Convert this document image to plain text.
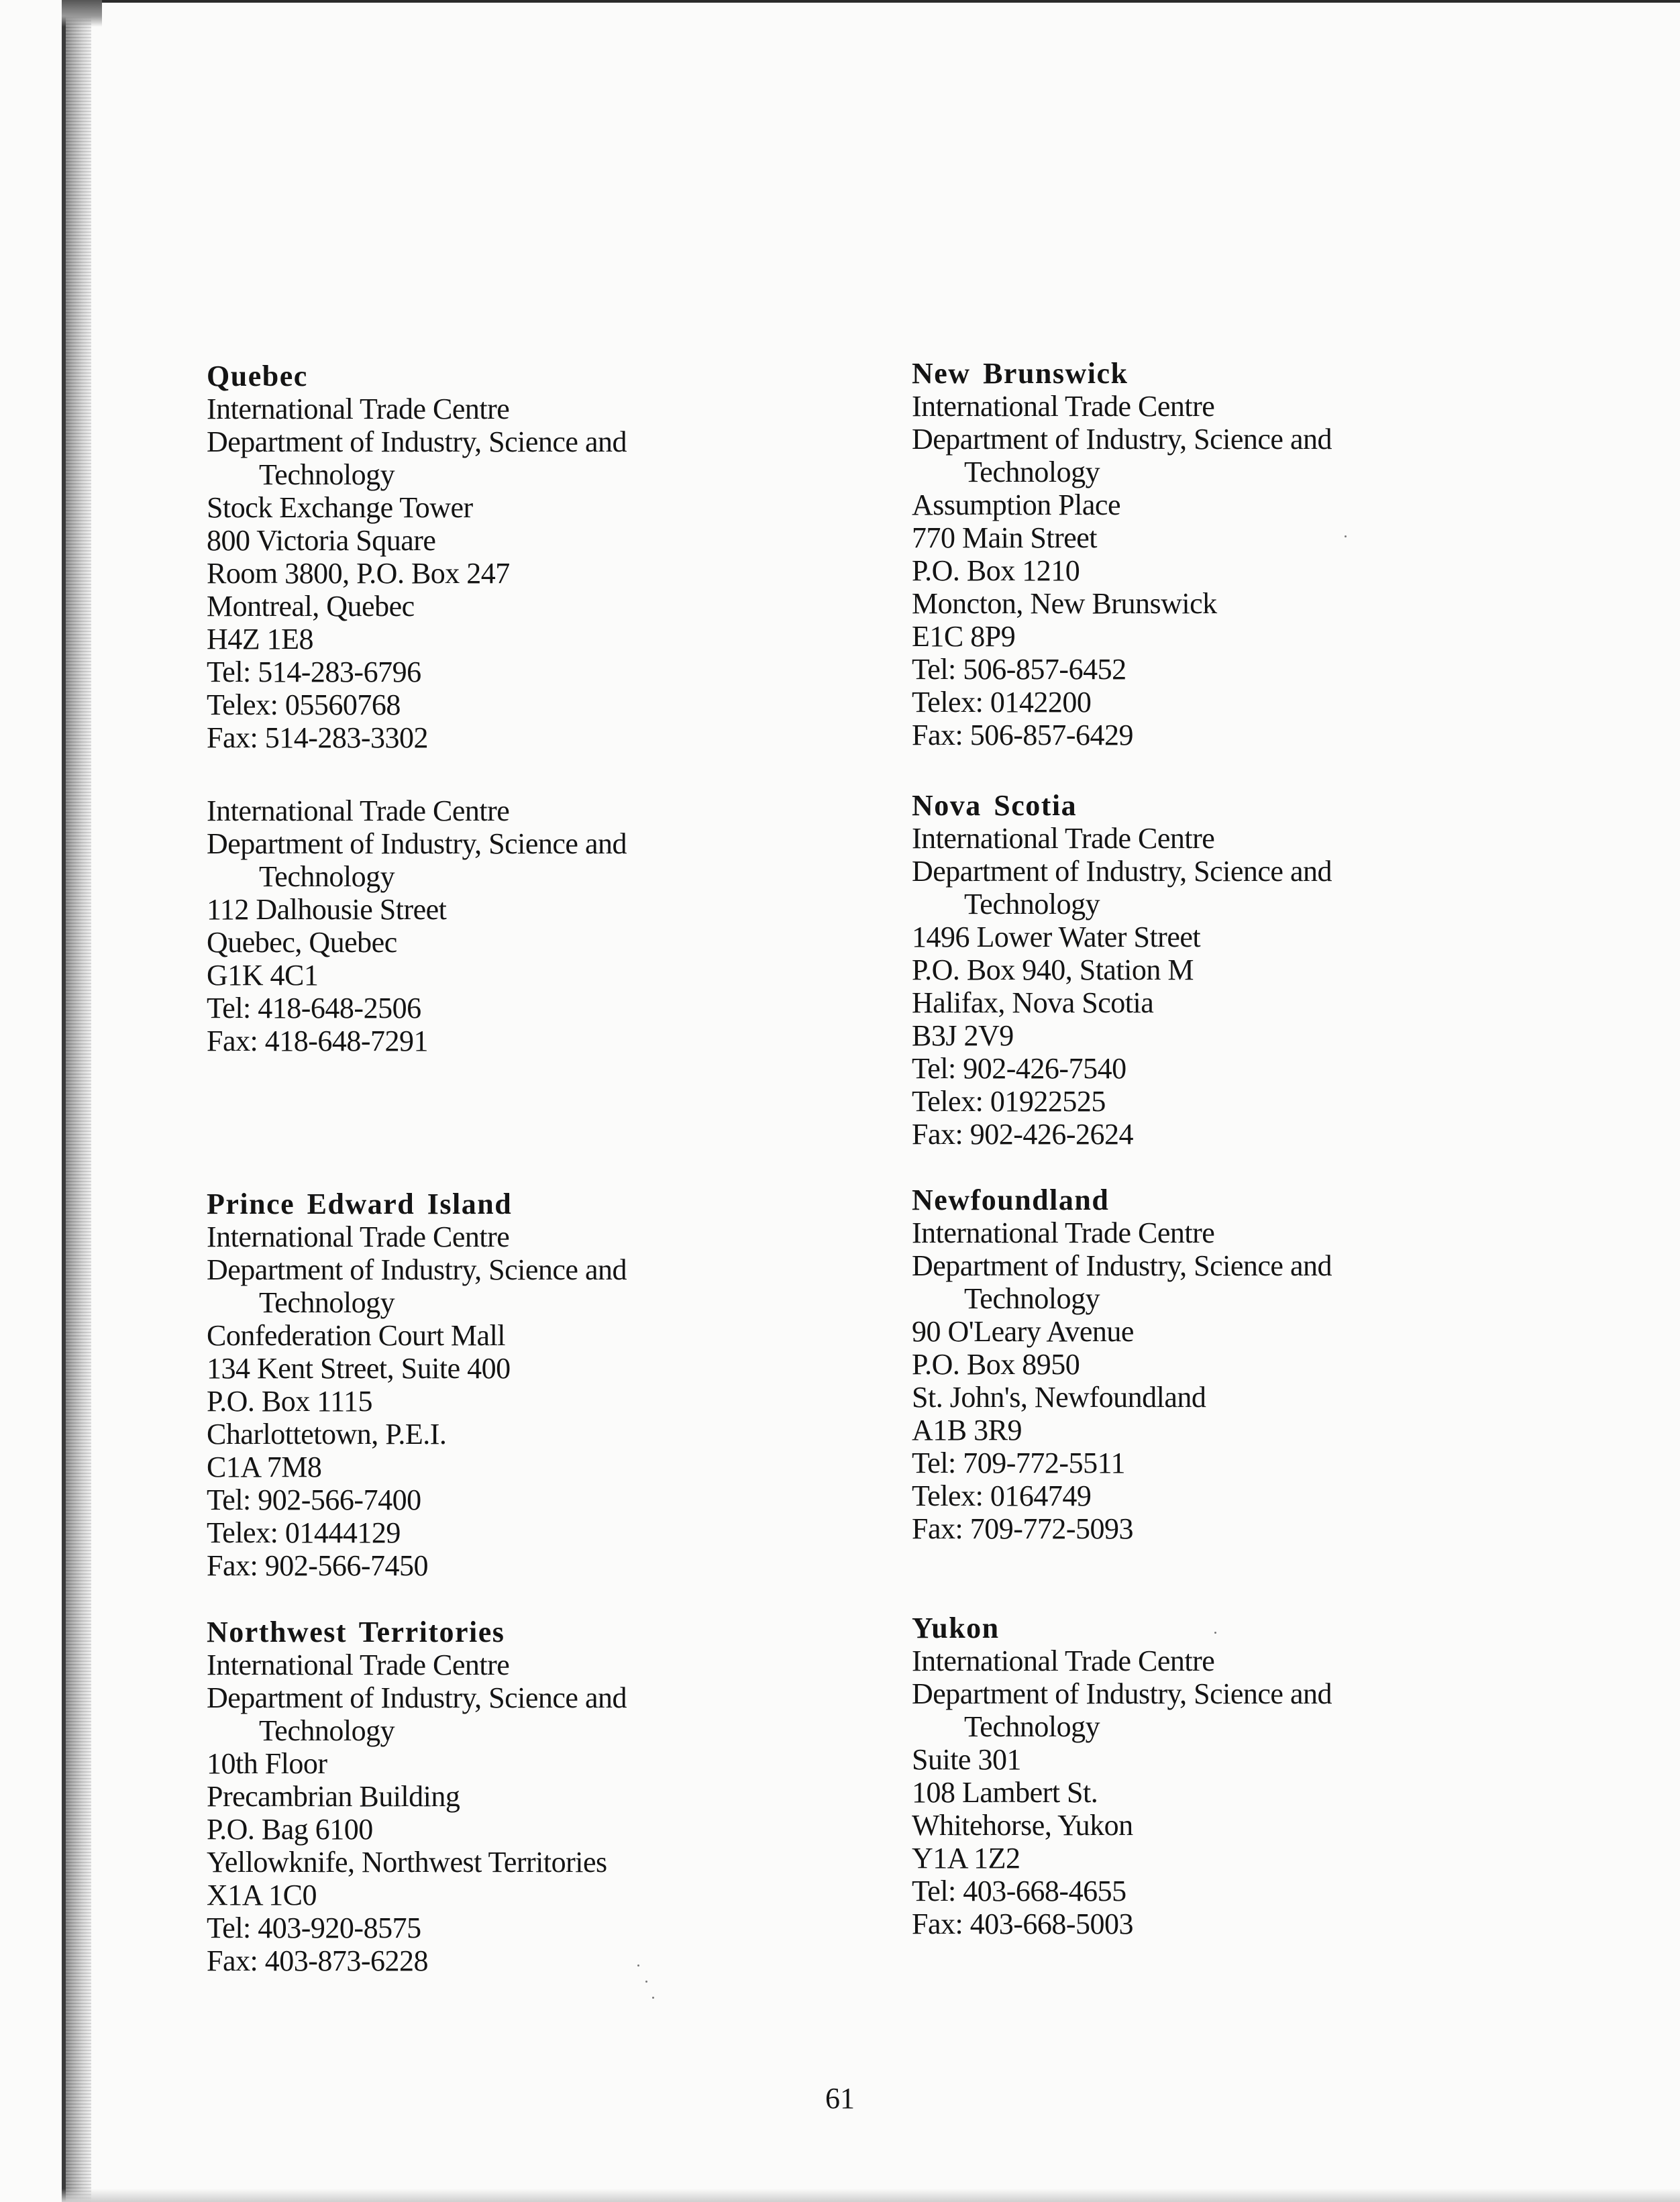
Quebec
International Trade Centre
Department of Industry, Science and
Technology
Stock Exchange Tower
800 Victoria Square
Room 3800, P.O. Box 247
Montreal, Quebec
H4Z 1E8
Tel: 514-283-6796
Telex: 05560768
Fax: 514-283-3302
International Trade Centre
Department of Industry, Science and
Technology
112 Dalhousie Street
Quebec, Quebec
G1K 4C1
Tel: 418-648-2506
Fax: 418-648-7291
Prince Edward Island
International Trade Centre
Department of Industry, Science and
Technology
Confederation Court Mall
134 Kent Street, Suite 400
P.O. Box 1115
Charlottetown, P.E.I.
C1A 7M8
Tel: 902-566-7400
Telex: 01444129
Fax: 902-566-7450
Northwest Territories
International Trade Centre
Department of Industry, Science and
Technology
10th Floor
Precambrian Building
P.O. Bag 6100
Yellowknife, Northwest Territories
X1A 1C0
Tel: 403-920-8575
Fax: 403-873-6228
New Brunswick
International Trade Centre
Department of Industry, Science and
Technology
Assumption Place
770 Main Street
P.O. Box 1210
Moncton, New Brunswick
E1C 8P9
Tel: 506-857-6452
Telex: 0142200
Fax: 506-857-6429
Nova Scotia
International Trade Centre
Department of Industry, Science and
Technology
1496 Lower Water Street
P.O. Box 940, Station M
Halifax, Nova Scotia
B3J 2V9
Tel: 902-426-7540
Telex: 01922525
Fax: 902-426-2624
Newfoundland
International Trade Centre
Department of Industry, Science and
Technology
90 O'Leary Avenue
P.O. Box 8950
St. John's, Newfoundland
A1B 3R9
Tel: 709-772-5511
Telex: 0164749
Fax: 709-772-5093
Yukon
International Trade Centre
Department of Industry, Science and
Technology
Suite 301
108 Lambert St.
Whitehorse, Yukon
Y1A 1Z2
Tel: 403-668-4655
Fax: 403-668-5003
61
